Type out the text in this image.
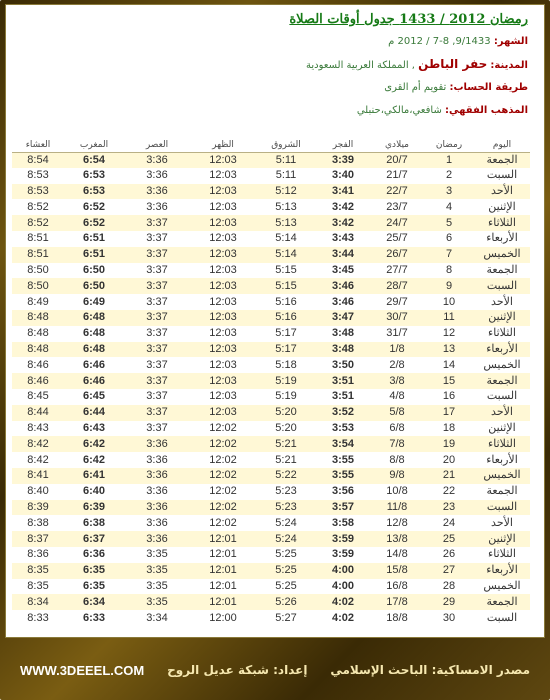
رمضان 2012 / 1433 جدول أوقات الصلاة
الشهر: 9/1433, 8-7 / 2012 م
المدينة: حفر الباطن , المملكة العربية السعودية
طريقة الحساب: تقويم أم القرى
المذهب الفقهي: شافعي،مالكي،حنبلي
العشاء	المغرب	العصر	الظهر	الشروق	الفجر	ميلادي	رمضان	اليوم
8:54	6:54	3:36	12:03	5:11	3:39	20/7	1	الجمعة
8:53	6:53	3:36	12:03	5:11	3:40	21/7	2	السبت
8:53	6:53	3:36	12:03	5:12	3:41	22/7	3	الأحد
8:52	6:52	3:36	12:03	5:13	3:42	23/7	4	الإثنين
8:52	6:52	3:37	12:03	5:13	3:42	24/7	5	الثلاثاء
8:51	6:51	3:37	12:03	5:14	3:43	25/7	6	الأربعاء
8:51	6:51	3:37	12:03	5:14	3:44	26/7	7	الخميس
8:50	6:50	3:37	12:03	5:15	3:45	27/7	8	الجمعة
8:50	6:50	3:37	12:03	5:15	3:46	28/7	9	السبت
8:49	6:49	3:37	12:03	5:16	3:46	29/7	10	الأحد
8:48	6:48	3:37	12:03	5:16	3:47	30/7	11	الإثنين
8:48	6:48	3:37	12:03	5:17	3:48	31/7	12	الثلاثاء
8:48	6:48	3:37	12:03	5:17	3:48	1/8	13	الأربعاء
8:46	6:46	3:37	12:03	5:18	3:50	2/8	14	الخميس
8:46	6:46	3:37	12:03	5:19	3:51	3/8	15	الجمعة
8:45	6:45	3:37	12:03	5:19	3:51	4/8	16	السبت
8:44	6:44	3:37	12:03	5:20	3:52	5/8	17	الأحد
8:43	6:43	3:37	12:02	5:20	3:53	6/8	18	الإثنين
8:42	6:42	3:36	12:02	5:21	3:54	7/8	19	الثلاثاء
8:42	6:42	3:36	12:02	5:21	3:55	8/8	20	الأربعاء
8:41	6:41	3:36	12:02	5:22	3:55	9/8	21	الخميس
8:40	6:40	3:36	12:02	5:23	3:56	10/8	22	الجمعة
8:39	6:39	3:36	12:02	5:23	3:57	11/8	23	السبت
8:38	6:38	3:36	12:02	5:24	3:58	12/8	24	الأحد
8:37	6:37	3:36	12:01	5:24	3:59	13/8	25	الإثنين
8:36	6:36	3:35	12:01	5:25	3:59	14/8	26	الثلاثاء
8:35	6:35	3:35	12:01	5:25	4:00	15/8	27	الأربعاء
8:35	6:35	3:35	12:01	5:25	4:00	16/8	28	الخميس
8:34	6:34	3:35	12:01	5:26	4:02	17/8	29	الجمعة
8:33	6:33	3:34	12:00	5:27	4:02	18/8	30	السبت
WWW.3DEEEL.COM إعداد: شبكة عديل الروح مصدر الامساكية: الباحث الإسلامي
